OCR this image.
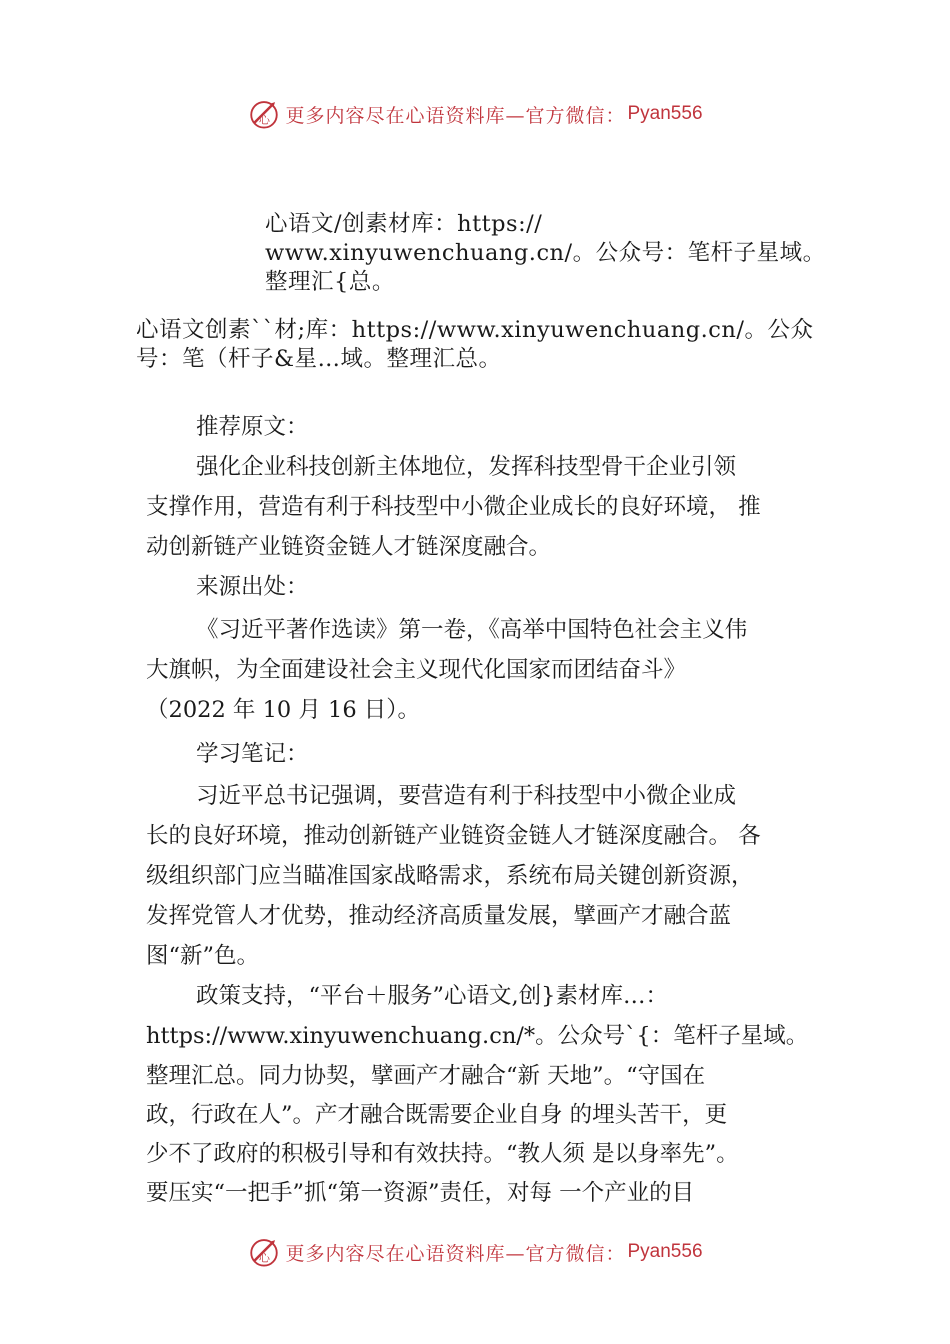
心 更多内容尽在心语资料库—官方微信： Pyan556

心语文/创素材库：https://

www.xinyuwenchuang.cn/。公众号：笔杆子星域。

整理汇{总。

心语文创素``材;库：https://www.xinyuwenchuang.cn/。公众

号：笔（杆子&星…域。整理汇总。

推荐原文：

强化企业科技创新主体地位，发挥科技型骨干企业引领

支撑作用，营造有利于科技型中小微企业成长的良好环境， 推

动创新链产业链资金链人才链深度融合。

来源出处：

《习近平著作选读》第一卷，《高举中国特色社会主义伟

大旗帜，为全面建设社会主义现代化国家而团结奋斗》

（2022 年 10 月 16 日）。

学习笔记：

习近平总书记强调，要营造有利于科技型中小微企业成

长的良好环境，推动创新链产业链资金链人才链深度融合。 各

级组织部门应当瞄准国家战略需求，系统布局关键创新资源，

发挥党管人才优势，推动经济高质量发展，擘画产才融合蓝

图“新”色。

政策支持，“平台＋服务”心语文,创}素材库…：

https://www.xinyuwenchuang.cn/*。公众号`{：笔杆子星域。

整理汇总。同力协契，擘画产才融合“新 天地”。“守国在

政，行政在人”。产才融合既需要企业自身 的埋头苦干，更

少不了政府的积极引导和有效扶持。“教人须 是以身率先”。

要压实“一把手”抓“第一资源”责任，对每 一个产业的目

心 更多内容尽在心语资料库—官方微信： Pyan556
